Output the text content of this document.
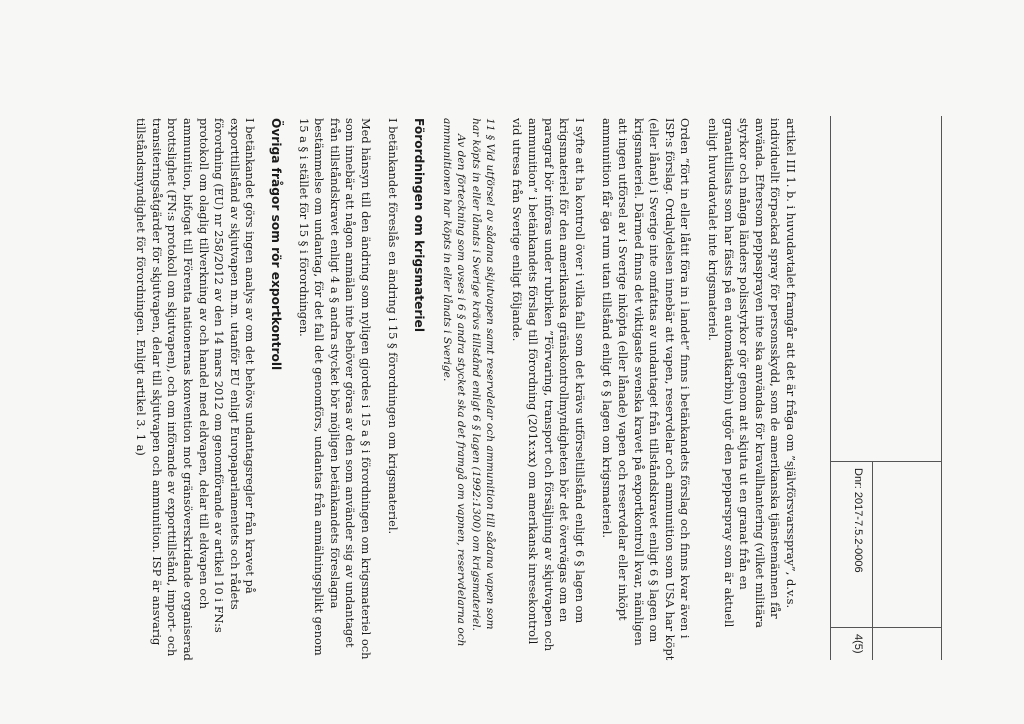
Dnr: 2017-7.5.2-0006
4(5)

artikel III 1. b. i huvudavtalet framgår att det är fråga om ”självförsvarsspray”, d.v.s. individuellt förpackad spray för personsskydd, som de amerikanska tjänstemännen får använda. Eftersom peppasprayen inte ska användas för kravallhantering (vilket militära styrkor och många länders polisstyrkor gör genom att skjuta ut en granat från en granattillsats som har fästs på en automatkarbin) utgör den pepparspray som är aktuell enligt huvudavtalet inte krigsmateriel.

Orden ”fört in eller låtit föra in i landet” finns i betänkandets förslag och finns kvar även i ISP:s förslag. Ordalydelsen innebär att vapen, reservdelar och ammunition som USA har köpt (eller lånat) i Sverige inte omfattas av undantaget från tillståndskravet enligt 6 § lagen om krigsmateriel. Därmed finns det viktigaste svenska kravet på exportkontroll kvar, nämligen att ingen utförsel av i Sverige inköpta (eller lånade) vapen och reservdelar eller inköpt ammunition får äga rum utan tillstånd enligt 6 § lagen om krigsmateriel.

I syfte att ha kontroll över i vilka fall som det krävs utförseltillstånd enligt 6 § lagen om krigsmateriel för den amerikanska gränskontrollmyndigheten bör det övervägas om en paragraf bör införas under rubriken ”Förvaring, transport och försäljning av skjutvapen och ammunition” i betänkandets förslag till förordning (201x:xx) om amerikansk inresekontroll vid utresa från Sverige enligt följande.

11 § Vid utförsel av sådana skjutvapen samt reservdelar och ammunition till sådana vapen som har köpts in eller lånats i Sverige krävs tillstånd enligt 6 § lagen (1992:1300) om krigsmateriel.

Av den förteckning som avses i 6 § andra stycket ska det framgå om vapnen, reservdelarna och ammunitionen har köpts in eller lånats i Sverige.

Förordningen om krigsmateriel

I betänkandet föreslås en ändring i 15 § förordningen om krigsmateriel.

Med hänsyn till den ändring som nyligen gjordes i 15 a § i förordningen om krigsmateriel och som innebär att någon anmälan inte behöver göras av den som använder sig av undantaget från tillståndskravet enligt 4 a § andra stycket bör möjligen betänkandets föreslagna bestämmelse om undantag, för det fall det genomförs, undantas från anmälningsplikt genom 15 a § i stället för 15 § i förordningen.

Övriga frågor som rör exportkontroll

I betänkandet görs ingen analys av om det behövs undantagsregler från kravet på exporttillstånd av skjutvapen m.m. utanför EU enligt Europaparlamentets och rådets förordning (EU) nr 258/2012 av den 14 mars 2012 om genomförande av artikel 10 i FN:s protokoll om olaglig tillverkning av och handel med eldvapen, delar till eldvapen och ammunition, bifogat till Förenta nationernas konvention mot gränsöverskridande organiserad brottslighet (FN:s protokoll om skjutvapen), och om införande av exporttillstånd, import- och transiteringsåtgärder för skjutvapen, delar till skjutvapen och ammunition. ISP är ansvarig tillståndsmyndighet för förordningen. Enligt artikel 3. 1 a)
